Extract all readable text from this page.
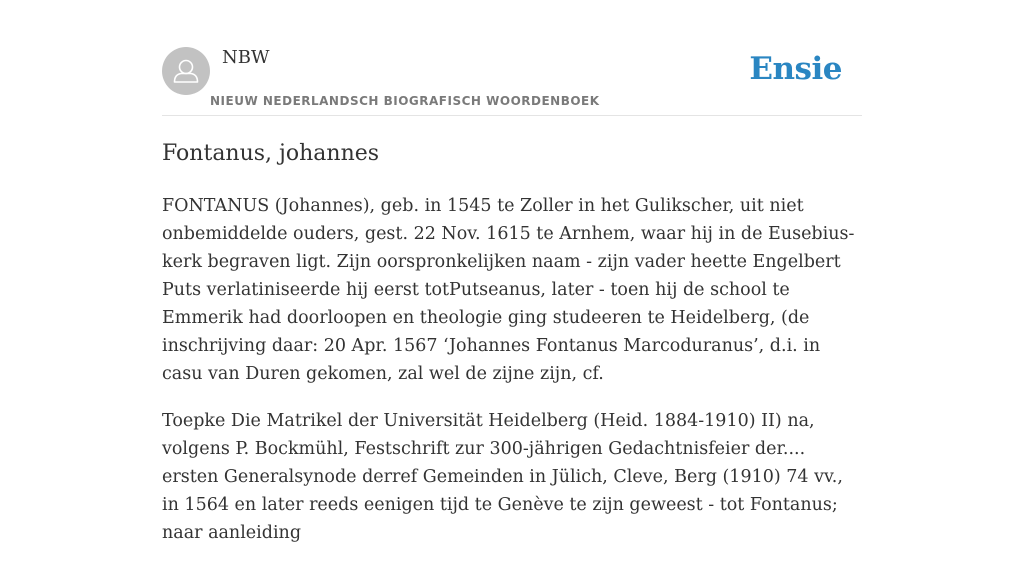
NBW
NIEUW NEDERLANDSCH BIOGRAFISCH WOORDENBOEK
Ensie
Fontanus, johannes

FONTANUS (Johannes), geb. in 1545 te Zoller in het Gulikscher, uit niet onbemiddelde ouders, gest. 22 Nov. 1615 te Arnhem, waar hij in de Eusebius-kerk begraven ligt. Zijn oorspronkelijken naam - zijn vader heette Engelbert Puts verlatiniseerde hij eerst totPutseanus, later - toen hij de school te Emmerik had doorloopen en theologie ging studeeren te Heidelberg, (de inschrijving daar: 20 Apr. 1567 ‘Johannes Fontanus Marcoduranus’, d.i. in casu van Duren gekomen, zal wel de zijne zijn, cf.

Toepke Die Matrikel der Universität Heidelberg (Heid. 1884-1910) II) na, volgens P. Bockmühl, Festschrift zur 300-jährigen Gedachtnisfeier der.... ersten Generalsynode derref Gemeinden in Jülich, Cleve, Berg (1910) 74 vv., in 1564 en later reeds eenigen tijd te Genève te zijn geweest - tot Fontanus; naar aanleiding
